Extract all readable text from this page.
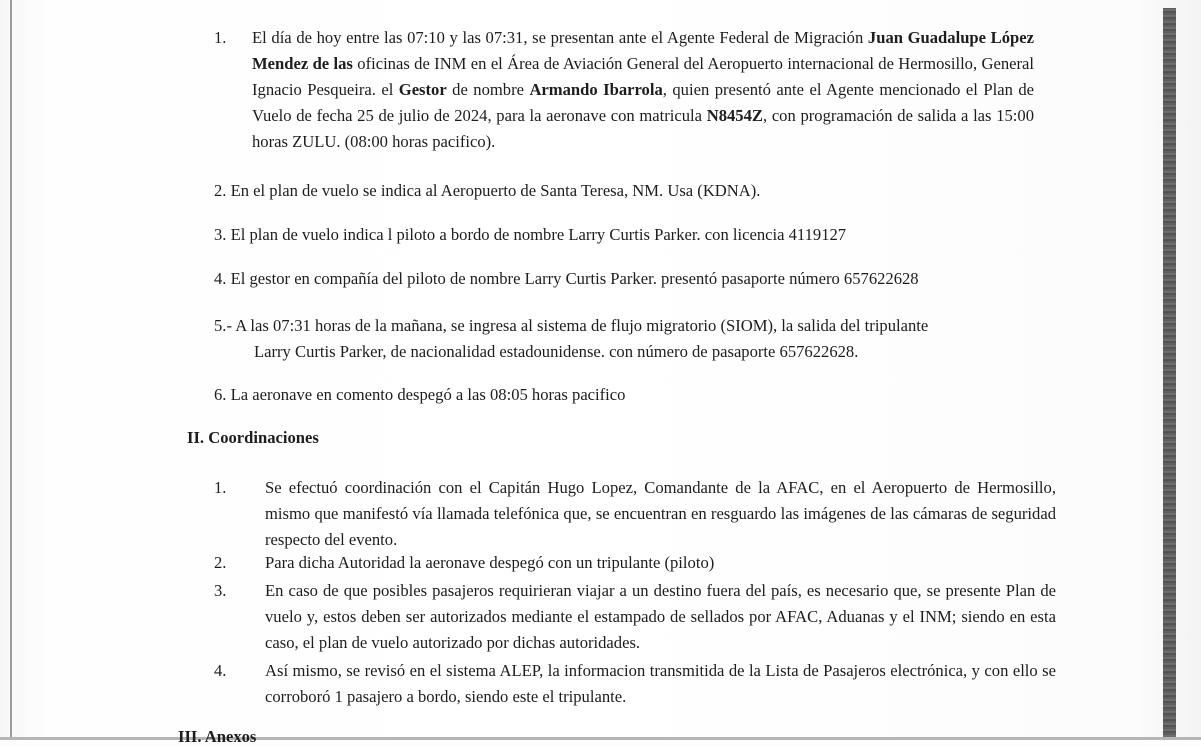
1. El día de hoy entre las 07:10 y las 07:31, se presentan ante el Agente Federal de Migración Juan Guadalupe López Mendez de las oficinas de INM en el Área de Aviación General del Aeropuerto internacional de Hermosillo, General Ignacio Pesqueira. el Gestor de nombre Armando Ibarrola, quien presentó ante el Agente mencionado el Plan de Vuelo de fecha 25 de julio de 2024, para la aeronave con matricula N8454Z, con programación de salida a las 15:00 horas ZULU. (08:00 horas pacifico).
2. En el plan de vuelo se indica al Aeropuerto de Santa Teresa, NM. Usa (KDNA).
3. El plan de vuelo indica l piloto a bordo de nombre Larry Curtis Parker. con licencia 4119127
4. El gestor en compañía del piloto de nombre Larry Curtis Parker. presentó pasaporte número 657622628
5.- A las 07:31 horas de la mañana, se ingresa al sistema de flujo migratorio (SIOM), la salida del tripulante
Larry Curtis Parker, de nacionalidad estadounidense. con número de pasaporte 657622628.
6. La aeronave en comento despegó a las 08:05 horas pacifico
II. Coordinaciones
1. Se efectuó coordinación con el Capitán Hugo Lopez, Comandante de la AFAC, en el Aeropuerto de Hermosillo, mismo que manifestó vía llamada telefónica que, se encuentran en resguardo las imágenes de las cámaras de seguridad respecto del evento.
2. Para dicha Autoridad la aeronave despegó con un tripulante (piloto)
3. En caso de que posibles pasajeros requirieran viajar a un destino fuera del país, es necesario que, se presente Plan de vuelo y, estos deben ser autorizados mediante el estampado de sellados por AFAC, Aduanas y el INM; siendo en esta caso, el plan de vuelo autorizado por dichas autoridades.
4. Así mismo, se revisó en el sistema ALEP, la informacion transmitida de la Lista de Pasajeros electrónica, y con ello se corroboró 1 pasajero a bordo, siendo este el tripulante.
III. Anexos
